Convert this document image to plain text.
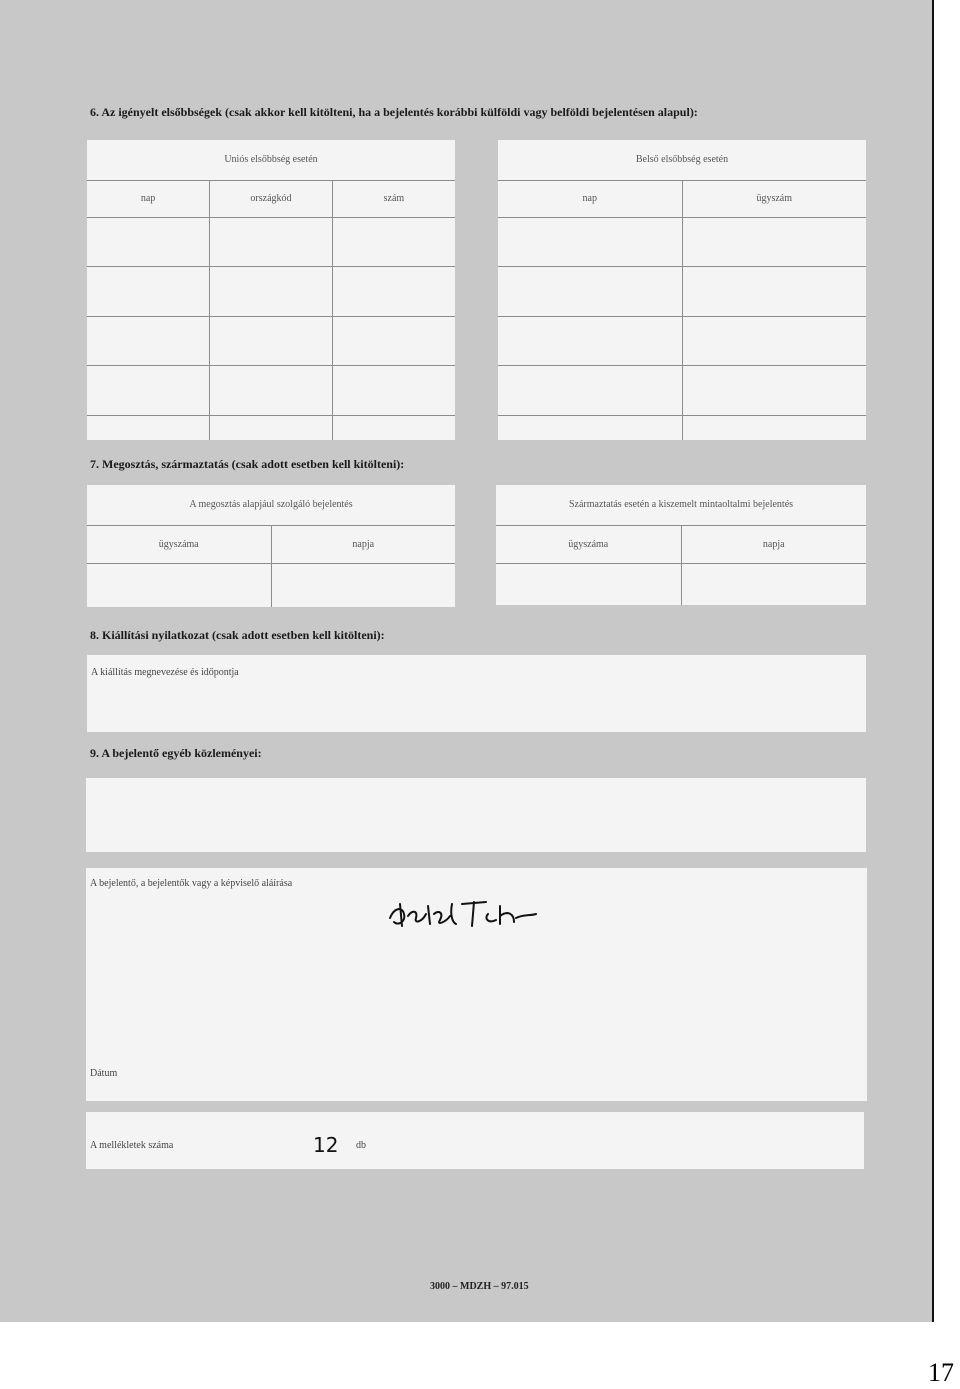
6. Az igényelt elsőbbségek (csak akkor kell kitölteni, ha a bejelentés korábbi külföldi vagy belföldi bejelentésen alapul):
Uniós elsőbbség esetén		
nap	országkód	szám

Belső elsőbbség esetén	
nap	ügyszám

7. Megosztás, származtatás (csak adott esetben kell kitölteni):
A megosztás alapjául szolgáló bejelentés	
ügyszáma	napja

Származtatás esetén a kiszemelt mintaoltalmi bejelentés	
ügyszáma	napja

8. Kiállítási nyilatkozat (csak adott esetben kell kitölteni):
A kiállítás megnevezése és időpontja
9. A bejelentő egyéb közleményei:
A bejelentő, a bejelentők vagy a képviselő aláírása
Dátum
A mellékletek száma	db
12
3000 – MDZH – 97.015
17
